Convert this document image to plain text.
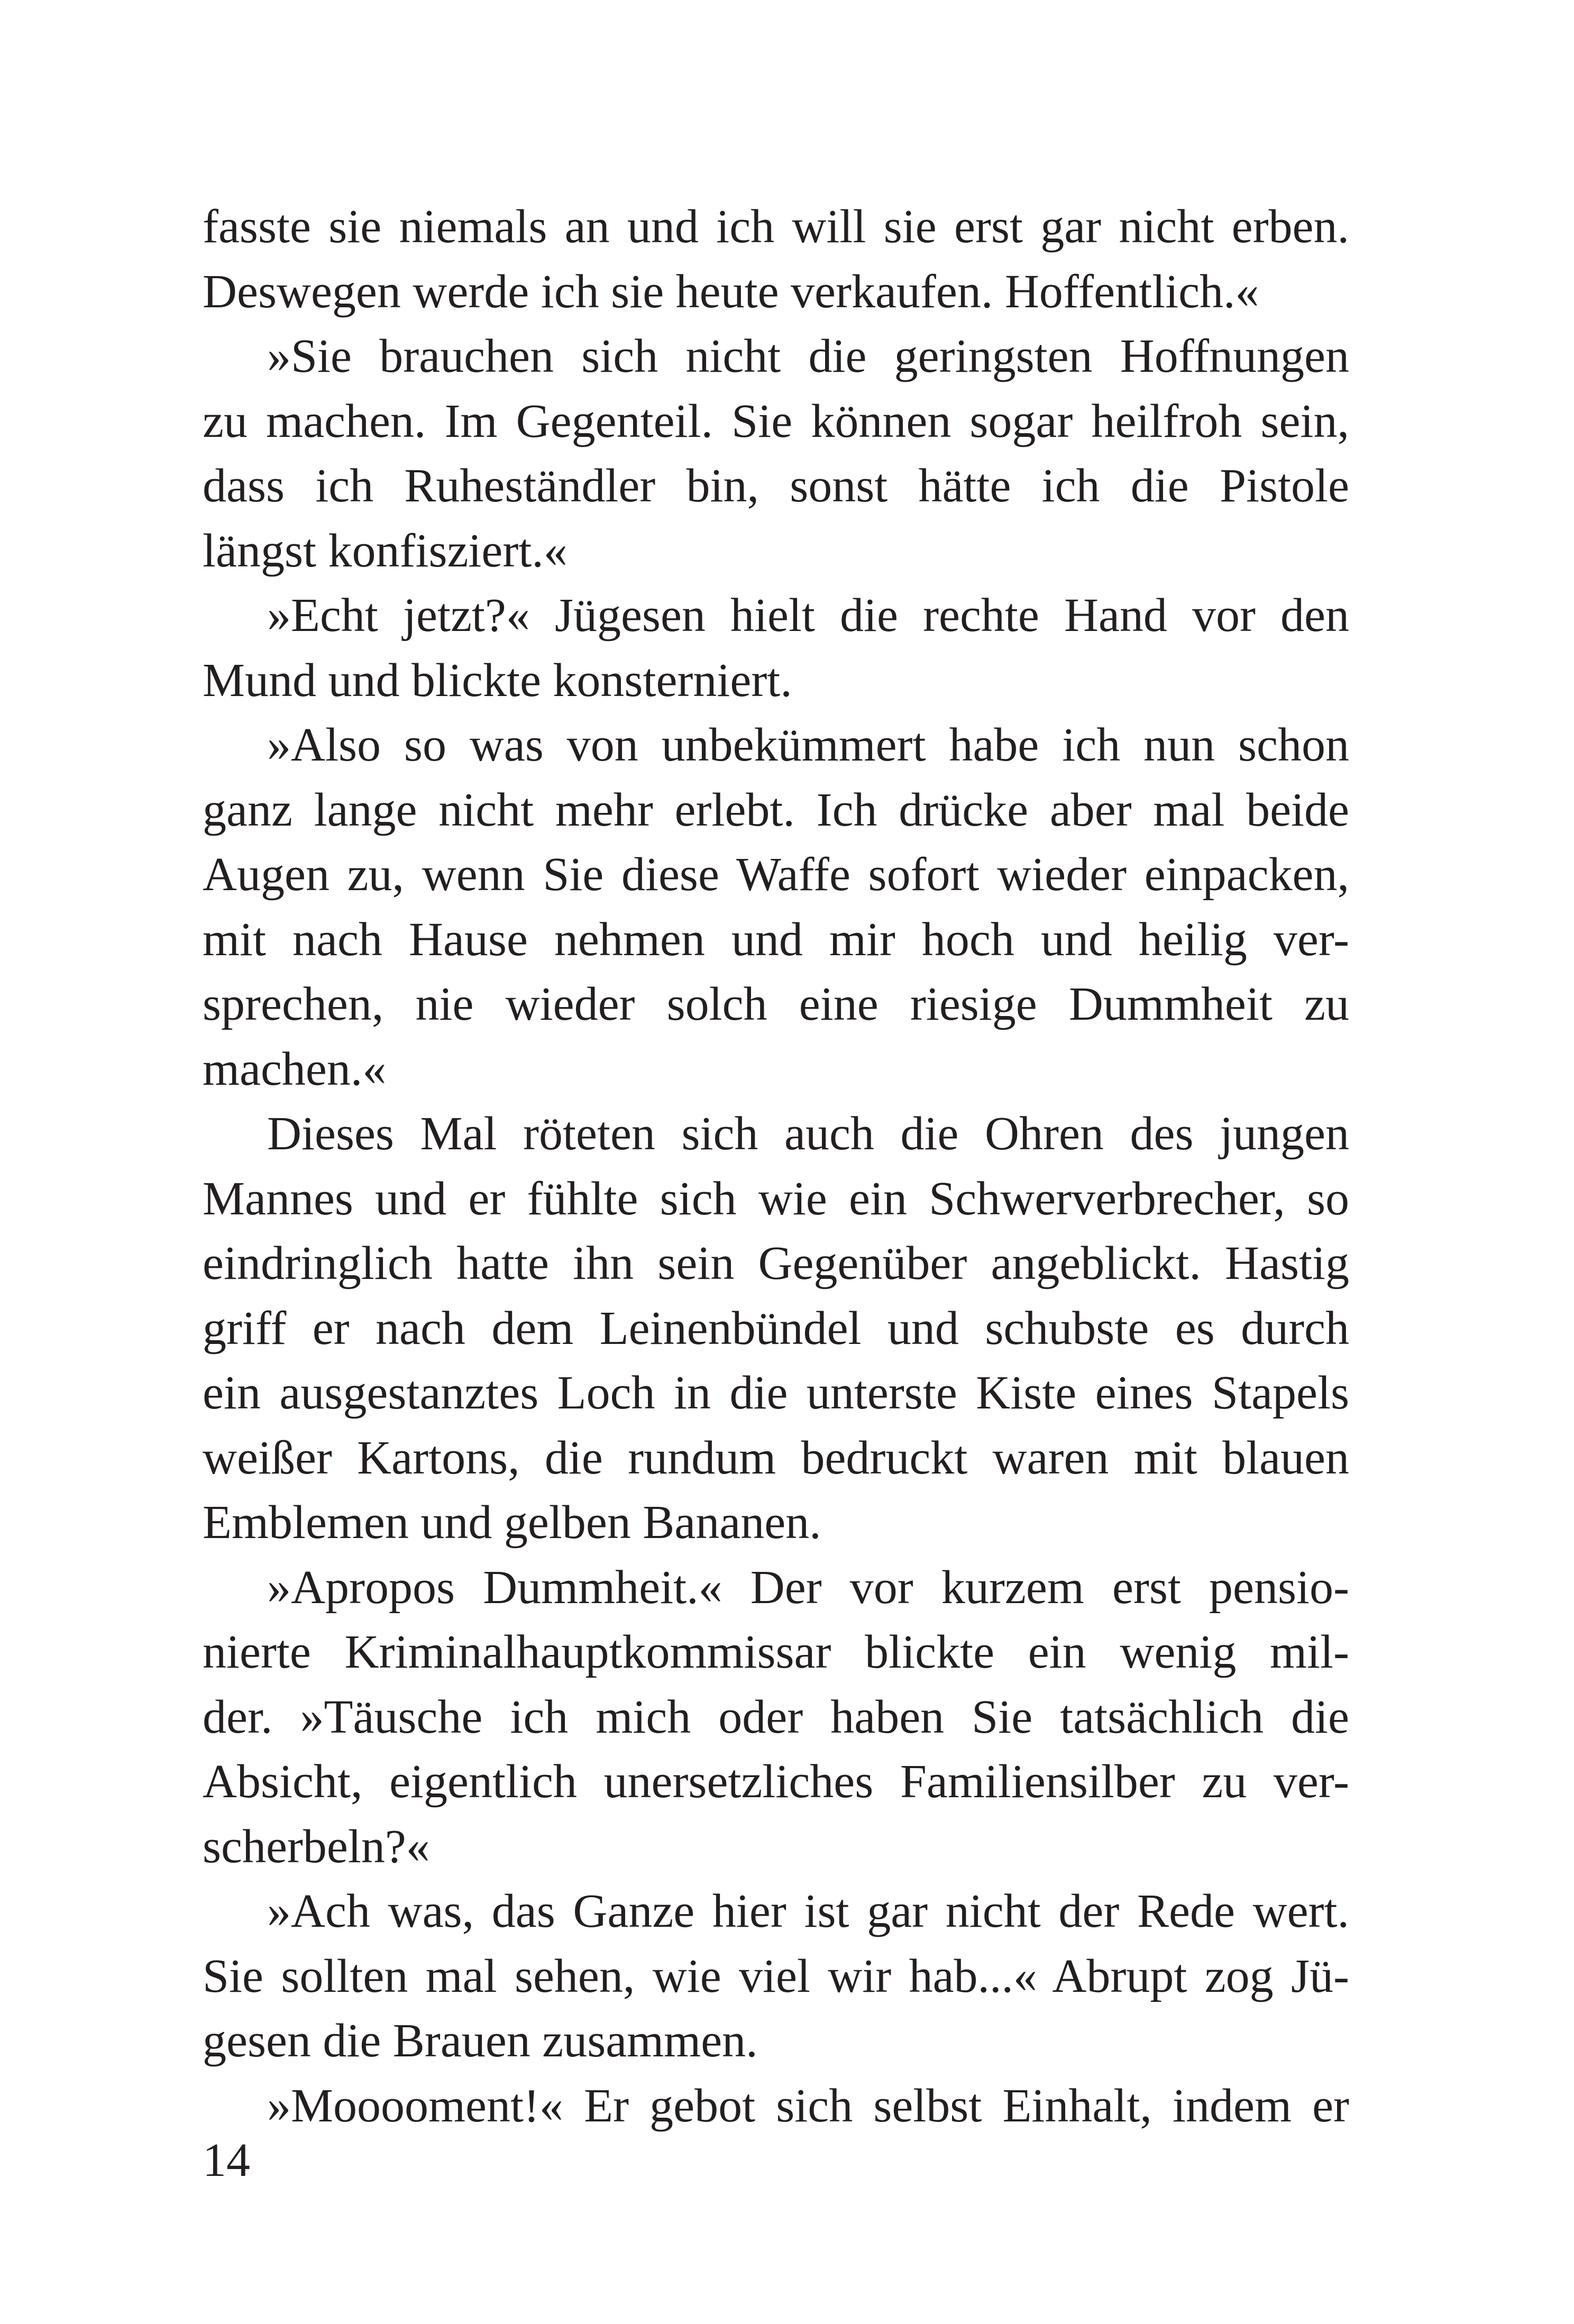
fasste sie niemals an und ich will sie erst gar nicht erben.
Deswegen werde ich sie heute verkaufen. Hoffentlich.«
»Sie brauchen sich nicht die geringsten Hoffnungen
zu machen. Im Gegenteil. Sie können sogar heilfroh sein,
dass ich Ruheständler bin, sonst hätte ich die Pistole
längst konfisziert.«
»Echt jetzt?« Jügesen hielt die rechte Hand vor den
Mund und blickte konsterniert.
»Also so was von unbekümmert habe ich nun schon
ganz lange nicht mehr erlebt. Ich drücke aber mal beide
Augen zu, wenn Sie diese Waffe sofort wieder einpacken,
mit nach Hause nehmen und mir hoch und heilig ver-
sprechen, nie wieder solch eine riesige Dummheit zu
machen.«
Dieses Mal röteten sich auch die Ohren des jungen
Mannes und er fühlte sich wie ein Schwerverbrecher, so
eindringlich hatte ihn sein Gegenüber angeblickt. Hastig
griff er nach dem Leinenbündel und schubste es durch
ein ausgestanztes Loch in die unterste Kiste eines Stapels
weißer Kartons, die rundum bedruckt waren mit blauen
Emblemen und gelben Bananen.
»Apropos Dummheit.« Der vor kurzem erst pensio-
nierte Kriminalhauptkommissar blickte ein wenig mil-
der. »Täusche ich mich oder haben Sie tatsächlich die
Absicht, eigentlich unersetzliches Familiensilber zu ver-
scherbeln?«
»Ach was, das Ganze hier ist gar nicht der Rede wert.
Sie sollten mal sehen, wie viel wir hab...« Abrupt zog Jü-
gesen die Brauen zusammen.
»Mooooment!« Er gebot sich selbst Einhalt, indem er
14
